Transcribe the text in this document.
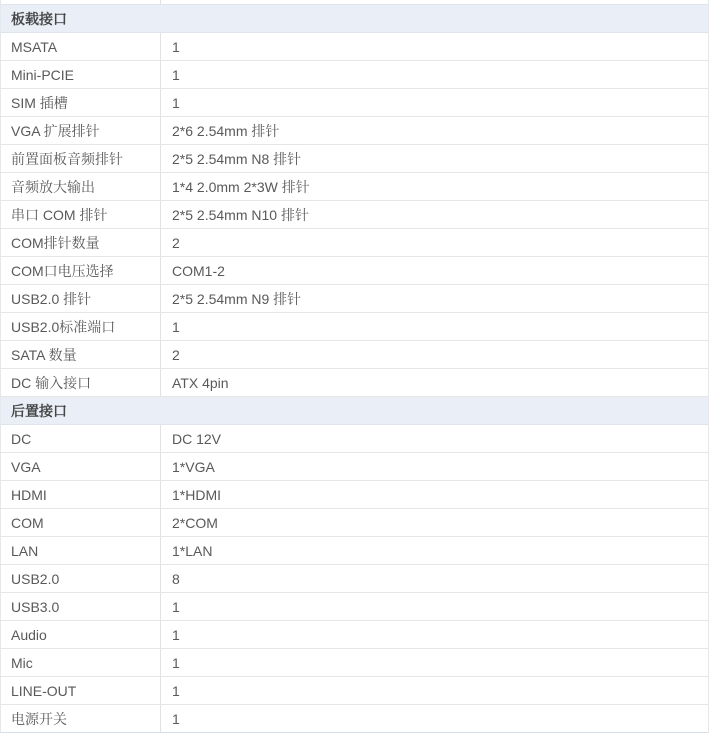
板载接口
MSATA	1
Mini-PCIE	1
SIM 插槽	1
VGA 扩展排针	2*6 2.54mm 排针
前置面板音频排针	2*5 2.54mm N8 排针
音频放大输出	1*4 2.0mm 2*3W 排针
串口 COM 排针	2*5 2.54mm N10 排针
COM排针数量	2
COM口电压选择	COM1-2
USB2.0 排针	2*5 2.54mm N9 排针
USB2.0标准端口	1
SATA 数量	2
DC 输入接口	ATX 4pin
后置接口
DC	DC 12V
VGA	1*VGA
HDMI	1*HDMI
COM	2*COM
LAN	1*LAN
USB2.0	8
USB3.0	1
Audio	1
Mic	1
LINE-OUT	1
电源开关	1
